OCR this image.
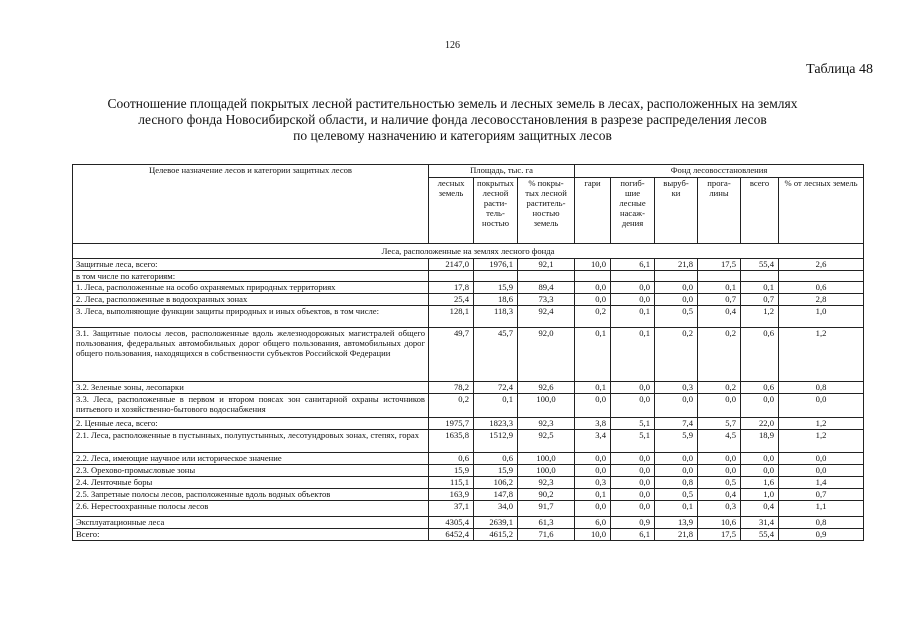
126
Таблица 48
Соотношение площадей покрытых лесной растительностью земель и лесных земель в лесах, расположенных на землях
лесного фонда Новосибирской области, и наличие фонда лесовосстановления в разрезе распределения лесов
по целевому назначению и категориям защитных лесов
Целевое назначение лесов и категории защитных лесов	Площадь, тыс. га			Фонд лесовосстановления					
	лесных земель	покрытых лесной расти- тель- ностью	% покры- тых лесной раститель- ностью земель	гари	погиб- шие лесные насаж- дения	выруб- ки	прога- лины	всего	% от лесных земель
Леса, расположенные на землях лесного фонда									
Защитные леса, всего:	2147,0	1976,1	92,1	10,0	6,1	21,8	17,5	55,4	2,6
в том числе по категориям:									
1. Леса, расположенные на особо охраняемых природных территориях	17,8	15,9	89,4	0,0	0,0	0,0	0,1	0,1	0,6
2. Леса, расположенные в водоохранных зонах	25,4	18,6	73,3	0,0	0,0	0,0	0,7	0,7	2,8
3. Леса, выполняющие функции защиты природных и иных объектов, в том числе:	128,1	118,3	92,4	0,2	0,1	0,5	0,4	1,2	1,0
3.1. Защитные полосы лесов, расположенные вдоль железнодорожных магистралей общего пользования, федеральных автомобильных дорог общего пользования, автомобильных дорог общего пользования, находящихся в собственности субъектов Российской Федерации	49,7	45,7	92,0	0,1	0,1	0,2	0,2	0,6	1,2
3.2. Зеленые зоны, лесопарки	78,2	72,4	92,6	0,1	0,0	0,3	0,2	0,6	0,8
3.3. Леса, расположенные в первом и втором поясах зон санитарной охраны источников питьевого и хозяйственно-бытового водоснабжения	0,2	0,1	100,0	0,0	0,0	0,0	0,0	0,0	0,0
2. Ценные леса, всего:	1975,7	1823,3	92,3	3,8	5,1	7,4	5,7	22,0	1,2
2.1. Леса, расположенные в пустынных, полупустынных, лесотундровых зонах, степях, горах	1635,8	1512,9	92,5	3,4	5,1	5,9	4,5	18,9	1,2
2.2. Леса, имеющие научное или историческое значение	0,6	0,6	100,0	0,0	0,0	0,0	0,0	0,0	0,0
2.3. Орехово-промысловые зоны	15,9	15,9	100,0	0,0	0,0	0,0	0,0	0,0	0,0
2.4. Ленточные боры	115,1	106,2	92,3	0,3	0,0	0,8	0,5	1,6	1,4
2.5. Запретные полосы лесов, расположенные вдоль водных объектов	163,9	147,8	90,2	0,1	0,0	0,5	0,4	1,0	0,7
2.6. Нерестоохранные полосы лесов	37,1	34,0	91,7	0,0	0,0	0,1	0,3	0,4	1,1
Эксплуатационные леса	4305,4	2639,1	61,3	6,0	0,9	13,9	10,6	31,4	0,8
Всего:	6452,4	4615,2	71,6	10,0	6,1	21,8	17,5	55,4	0,9
